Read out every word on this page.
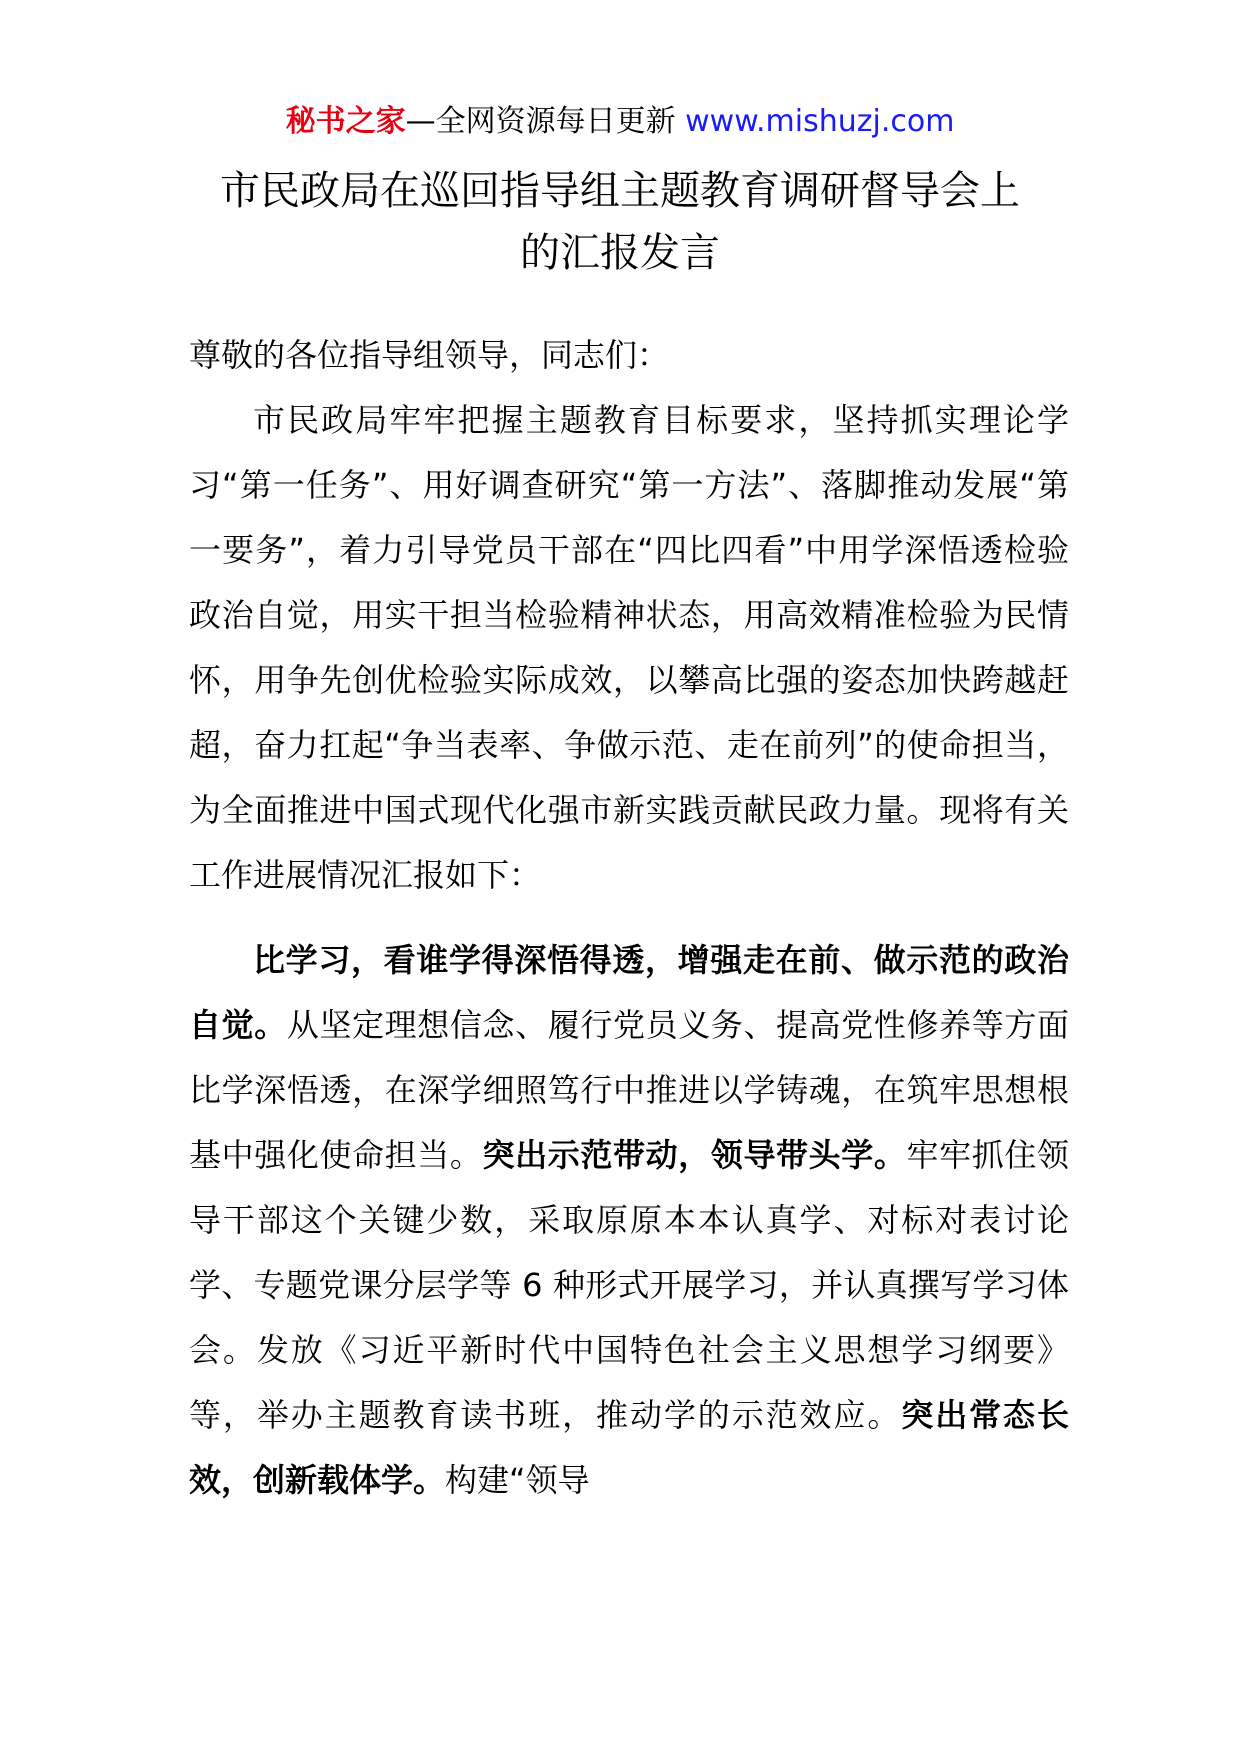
秘书之家—全网资源每日更新 www.mishuzj.com
市民政局在巡回指导组主题教育调研督导会上
的汇报发言

尊敬的各位指导组领导，同志们：

市民政局牢牢把握主题教育目标要求，坚持抓实理论学习“第一任务”、用好调查研究“第一方法”、落脚推动发展“第一要务”，着力引导党员干部在“四比四看”中用学深悟透检验政治自觉，用实干担当检验精神状态，用高效精准检验为民情怀，用争先创优检验实际成效，以攀高比强的姿态加快跨越赶超，奋力扛起“争当表率、争做示范、走在前列”的使命担当，为全面推进中国式现代化强市新实践贡献民政力量。现将有关工作进展情况汇报如下：

比学习，看谁学得深悟得透，增强走在前、做示范的政治自觉。从坚定理想信念、履行党员义务、提高党性修养等方面比学深悟透，在深学细照笃行中推进以学铸魂，在筑牢思想根基中强化使命担当。突出示范带动，领导带头学。牢牢抓住领导干部这个关键少数，采取原原本本认真学、对标对表讨论学、专题党课分层学等 6 种形式开展学习，并认真撰写学习体会。发放《习近平新时代中国特色社会主义思想学习纲要》等，举办主题教育读书班，推动学的示范效应。突出常态长效，创新载体学。构建“领导
